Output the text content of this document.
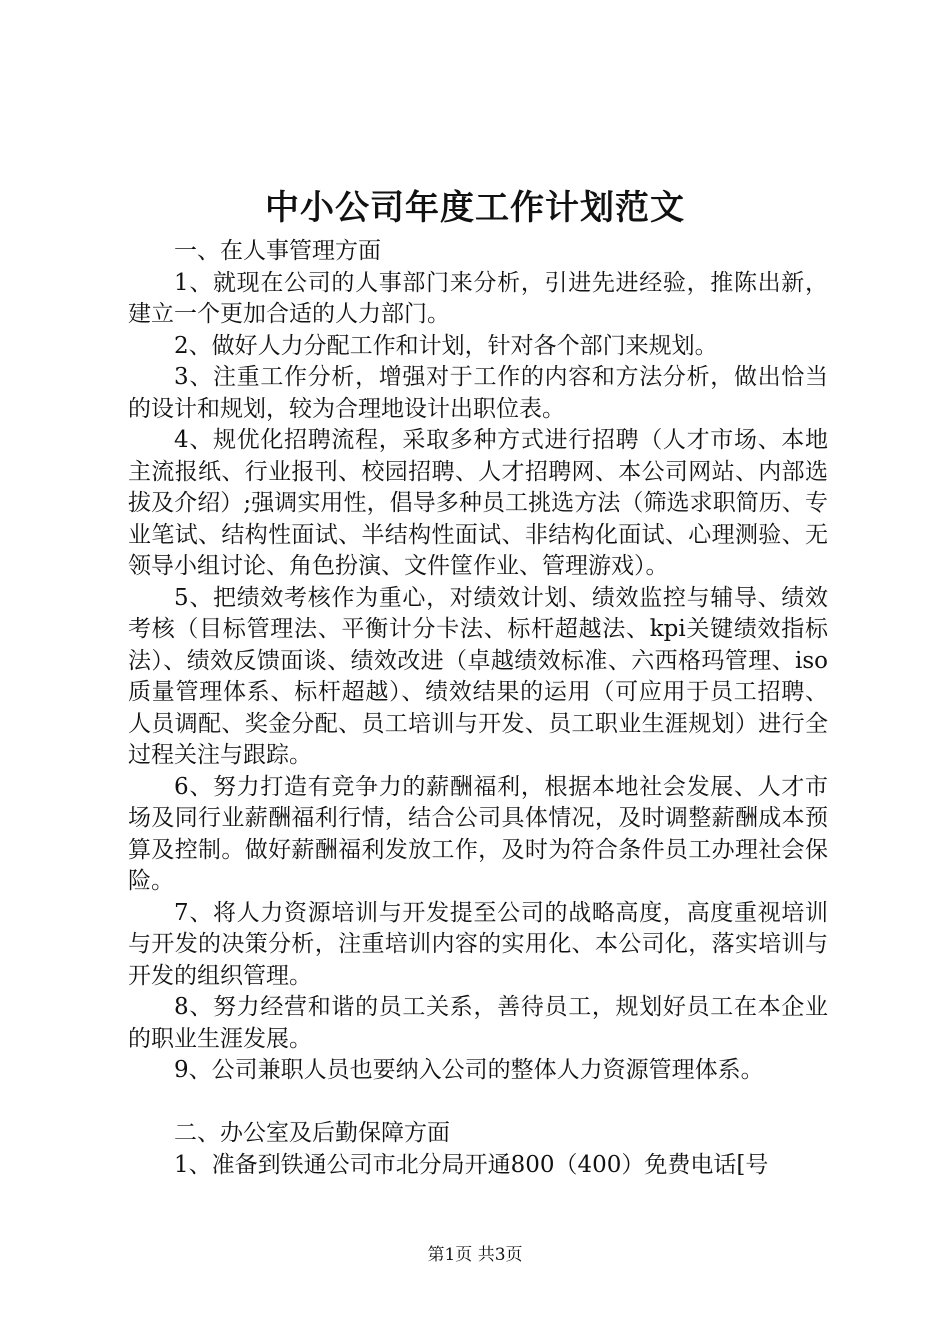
中小公司年度工作计划范文

一、在人事管理方面

1、就现在公司的人事部门来分析，引进先进经验，推陈出新，建立一个更加合适的人力部门。

2、做好人力分配工作和计划，针对各个部门来规划。

3、注重工作分析，增强对于工作的内容和方法分析，做出恰当的设计和规划，较为合理地设计出职位表。

4、规优化招聘流程，采取多种方式进行招聘（人才市场、本地主流报纸、行业报刊、校园招聘、人才招聘网、本公司网站、内部选拔及介绍）;强调实用性，倡导多种员工挑选方法（筛选求职简历、专业笔试、结构性面试、半结构性面试、非结构化面试、心理测验、无领导小组讨论、角色扮演、文件筐作业、管理游戏）。

5、把绩效考核作为重心，对绩效计划、绩效监控与辅导、绩效考核（目标管理法、平衡计分卡法、标杆超越法、kpi关键绩效指标法）、绩效反馈面谈、绩效改进（卓越绩效标准、六西格玛管理、iso质量管理体系、标杆超越）、绩效结果的运用（可应用于员工招聘、人员调配、奖金分配、员工培训与开发、员工职业生涯规划）进行全过程关注与跟踪。

6、努力打造有竞争力的薪酬福利，根据本地社会发展、人才市场及同行业薪酬福利行情，结合公司具体情况，及时调整薪酬成本预算及控制。做好薪酬福利发放工作，及时为符合条件员工办理社会保险。

7、将人力资源培训与开发提至公司的战略高度，高度重视培训与开发的决策分析，注重培训内容的实用化、本公司化，落实培训与开发的组织管理。

8、努力经营和谐的员工关系，善待员工，规划好员工在本企业的职业生涯发展。

9、公司兼职人员也要纳入公司的整体人力资源管理体系。

二、办公室及后勤保障方面

1、准备到铁通公司市北分局开通800（400）免费电话[号

第1页 共3页
